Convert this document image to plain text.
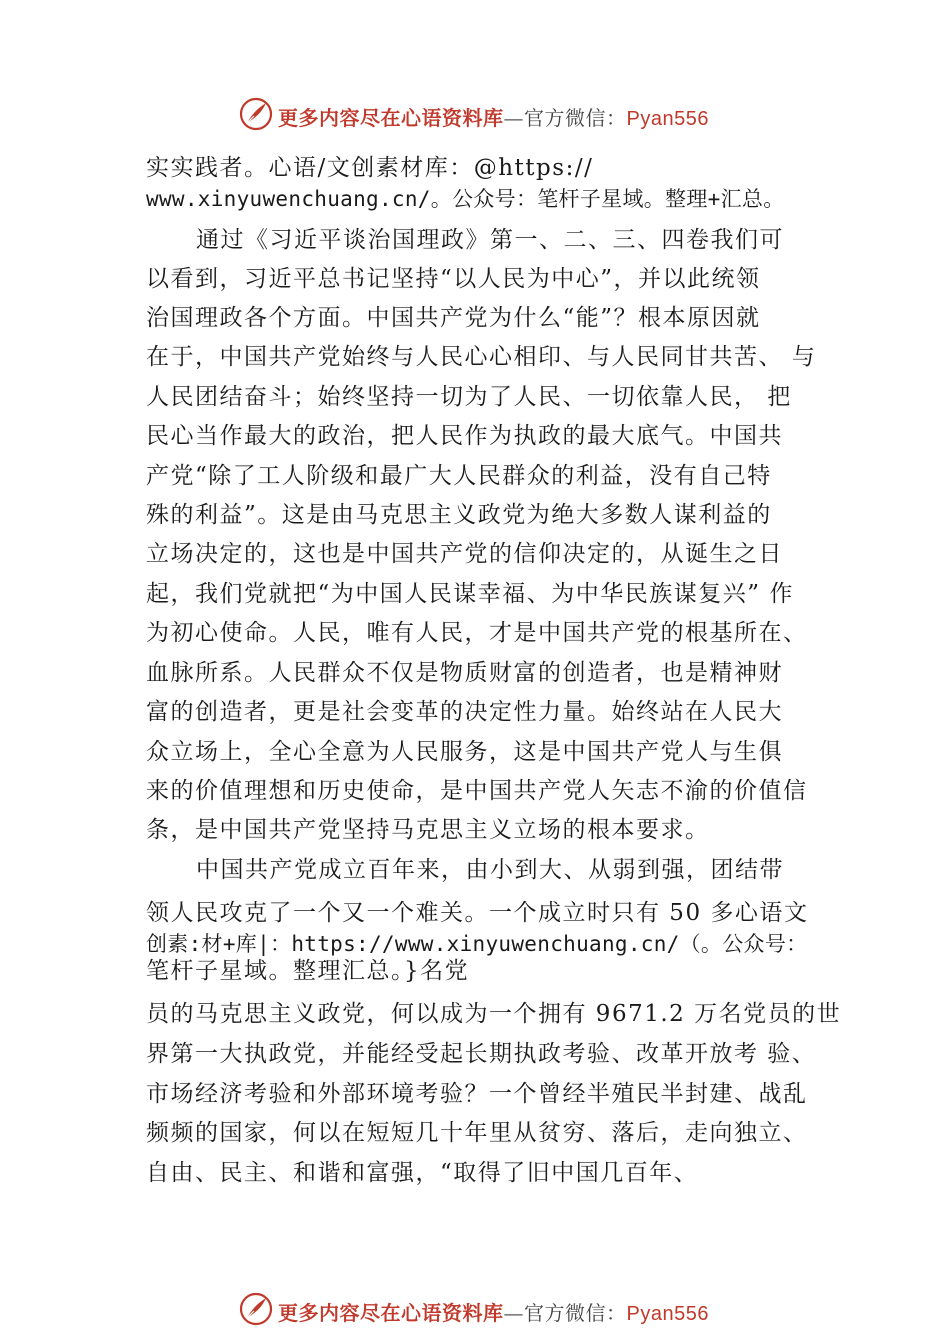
更多内容尽在心语资料库—官方微信：Pyan556
实实践者。心语/文创素材库：@https://
www.xinyuwenchuang.cn/。公众号：笔杆子星域。整理+汇总。
通过《习近平谈治国理政》第一、二、三、四卷我们可
以看到，习近平总书记坚持“以人民为中心”，并以此统领
治国理政各个方面。中国共产党为什么“能”？根本原因就
在于，中国共产党始终与人民心心相印、与人民同甘共苦、 与
人民团结奋斗；始终坚持一切为了人民、一切依靠人民， 把
民心当作最大的政治，把人民作为执政的最大底气。中国共
产党“除了工人阶级和最广大人民群众的利益，没有自己特
殊的利益”。这是由马克思主义政党为绝大多数人谋利益的
立场决定的，这也是中国共产党的信仰决定的，从诞生之日
起，我们党就把“为中国人民谋幸福、为中华民族谋复兴” 作
为初心使命。人民，唯有人民，才是中国共产党的根基所在、
血脉所系。人民群众不仅是物质财富的创造者，也是精神财
富的创造者，更是社会变革的决定性力量。始终站在人民大
众立场上，全心全意为人民服务，这是中国共产党人与生俱
来的价值理想和历史使命，是中国共产党人矢志不渝的价值信
条，是中国共产党坚持马克思主义立场的根本要求。
中国共产党成立百年来，由小到大、从弱到强，团结带
领人民攻克了一个又一个难关。一个成立时只有 50 多心语文
创素:材+库|：https://www.xinyuwenchuang.cn/（。公众号：
笔杆子星域。整理汇总。}名党
员的马克思主义政党，何以成为一个拥有 9671.2 万名党员的世
界第一大执政党，并能经受起长期执政考验、改革开放考 验、
市场经济考验和外部环境考验？一个曾经半殖民半封建、战乱
频频的国家，何以在短短几十年里从贫穷、落后，走向独立、
自由、民主、和谐和富强，“取得了旧中国几百年、
更多内容尽在心语资料库—官方微信：Pyan556
